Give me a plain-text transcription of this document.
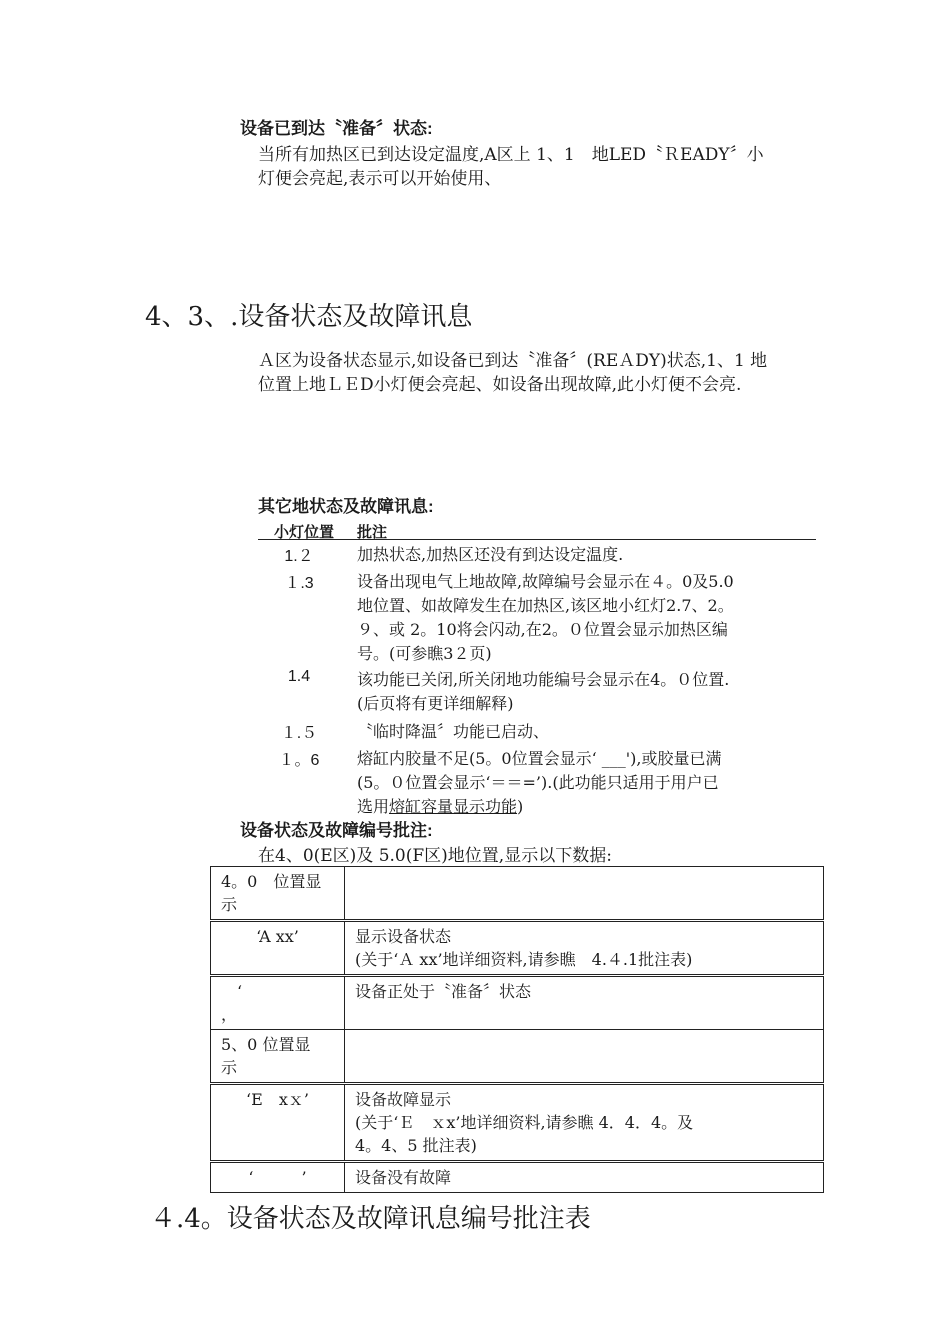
设备已到达〝准备〞状态:
当所有加热区已到达设定温度,A区上 1、1　地LED〝ＲEADY〞小
灯便会亮起,表示可以开始使用、
4、3、.设备状态及故障讯息
Ａ区为设备状态显示,如设备已到达〝准备〞(REＡDY)状态,1、1 地
位置上地ＬＥD小灯便会亮起、如设备出现故障,此小灯便不会亮.
其它地状态及故障讯息:
小灯位置 批注
1.２	加热状态,加热区还没有到达设定温度.
１.3	设备出现电气上地故障,故障编号会显示在４。0及5.0
地位置、如故障发生在加热区,该区地小红灯2.7、2。
９、或 2。10将会闪动,在2。０位置会显示加热区编
号。(可参瞧3２页)
1.4	该功能已关闭,所关闭地功能编号会显示在4。０位置.
(后页将有更详细解释)
１.５	〝临时降温〞功能已启动、
１。6	熔缸内胶量不足(5。0位置会显示‘ ___'),或胶量已满
(5。０位置会显示‘＝＝=’).(此功能只适用于用户已
选用熔缸容量显示功能)
设备状态及故障编号批注:
在4、0(E区)及 5.0(F区)地位置,显示以下数据:
4。0　位置显
示	

‘A xx’	显示设备状态
(关于‘Ａ xx’地详细资料,请参瞧　4.４.1批注表)

　‘
，	设备正处于〝准备〞状态

5、0 位置显
示	

‘E　xｘ’	设备故障显示
(关于‘Ｅ　ｘx’地详细资料,请参瞧 4．4．4。及
4。4、5 批注表)

‘　　　’	设备没有故障
４.4。设备状态及故障讯息编号批注表
